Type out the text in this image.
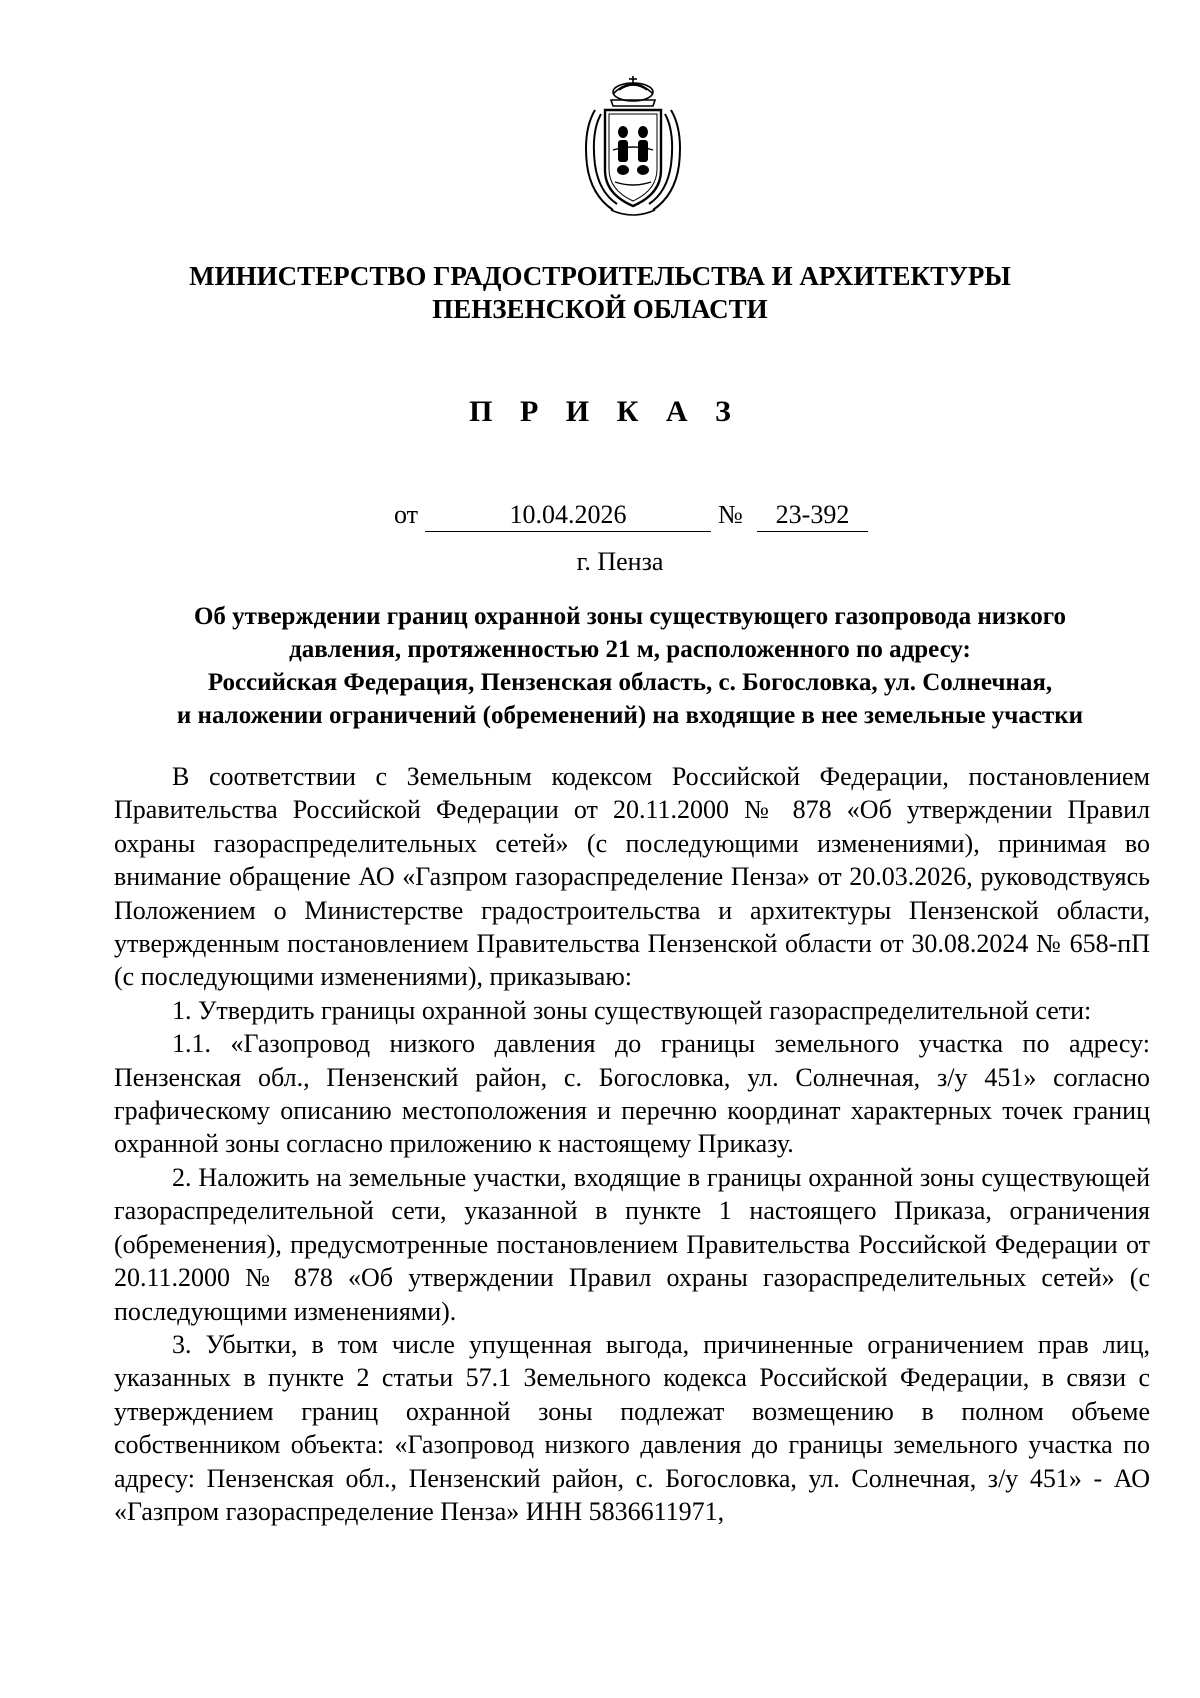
МИНИСТЕРСТВО ГРАДОСТРОИТЕЛЬСТВА И АРХИТЕКТУРЫ
ПЕНЗЕНСКОЙ ОБЛАСТИ
П Р И К А З
от	10.04.2026	№	23-392
г. Пенза
Об утверждении границ охранной зоны существующего газопровода низкого
давления, протяженностью 21 м, расположенного по адресу:
Российская Федерация, Пензенская область, с. Богословка, ул. Солнечная,
и наложении ограничений (обременений) на входящие в нее земельные участки

В соответствии с Земельным кодексом Российской Федерации, постановлением Правительства Российской Федерации от 20.11.2000 № 878 «Об утверждении Правил охраны газораспределительных сетей» (с последующими изменениями), принимая во внимание обращение АО «Газпром газораспределение Пенза» от 20.03.2026, руководствуясь Положением о Министерстве градостроительства и архитектуры Пензенской области, утвержденным постановлением Правительства Пензенской области от 30.08.2024 № 658-пП (с последующими изменениями), приказываю:

1. Утвердить границы охранной зоны существующей газораспределительной сети:

1.1. «Газопровод низкого давления до границы земельного участка по адресу: Пензенская обл., Пензенский район, с. Богословка, ул. Солнечная, з/у 451» согласно графическому описанию местоположения и перечню координат характерных точек границ охранной зоны согласно приложению к настоящему Приказу.

2. Наложить на земельные участки, входящие в границы охранной зоны существующей газораспределительной сети, указанной в пункте 1 настоящего Приказа, ограничения (обременения), предусмотренные постановлением Правительства Российской Федерации от 20.11.2000 № 878 «Об утверждении Правил охраны газораспределительных сетей» (с последующими изменениями).

3. Убытки, в том числе упущенная выгода, причиненные ограничением прав лиц, указанных в пункте 2 статьи 57.1 Земельного кодекса Российской Федерации, в связи с утверждением границ охранной зоны подлежат возмещению в полном объеме собственником объекта: «Газопровод низкого давления до границы земельного участка по адресу: Пензенская обл., Пензенский район, с. Богословка, ул. Солнечная, з/у 451» - АО «Газпром газораспределение Пенза» ИНН 5836611971,
